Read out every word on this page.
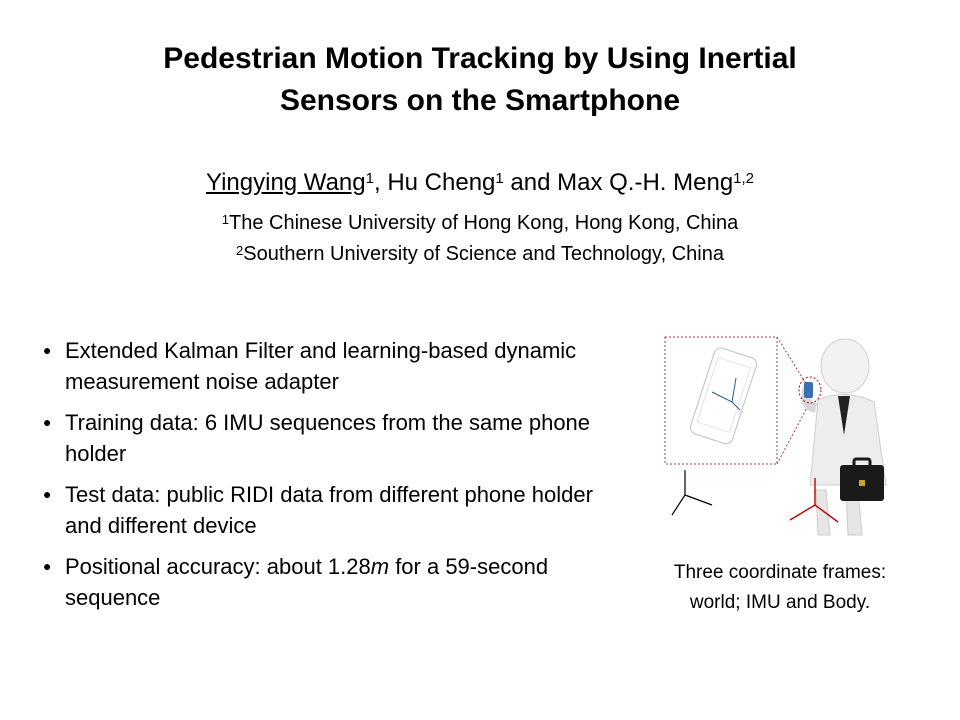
Pedestrian Motion Tracking by Using Inertial
Sensors on the Smartphone
Yingying Wang$^1$, Hu Cheng$^1$ and Max Q.-H. Meng$^{1,2}$
$^1$The Chinese University of Hong Kong, Hong Kong, China
$^2$Southern University of Science and Technology, China
● Extended Kalman Filter and learning-based dynamic measurement noise adapter
● Training data: 6 IMU sequences from the same phone holder
● Test data: public RIDI data from different phone holder and different device
● Positional accuracy: about 1.28m for a 59-second sequence
Three coordinate frames:
world; IMU and Body.
